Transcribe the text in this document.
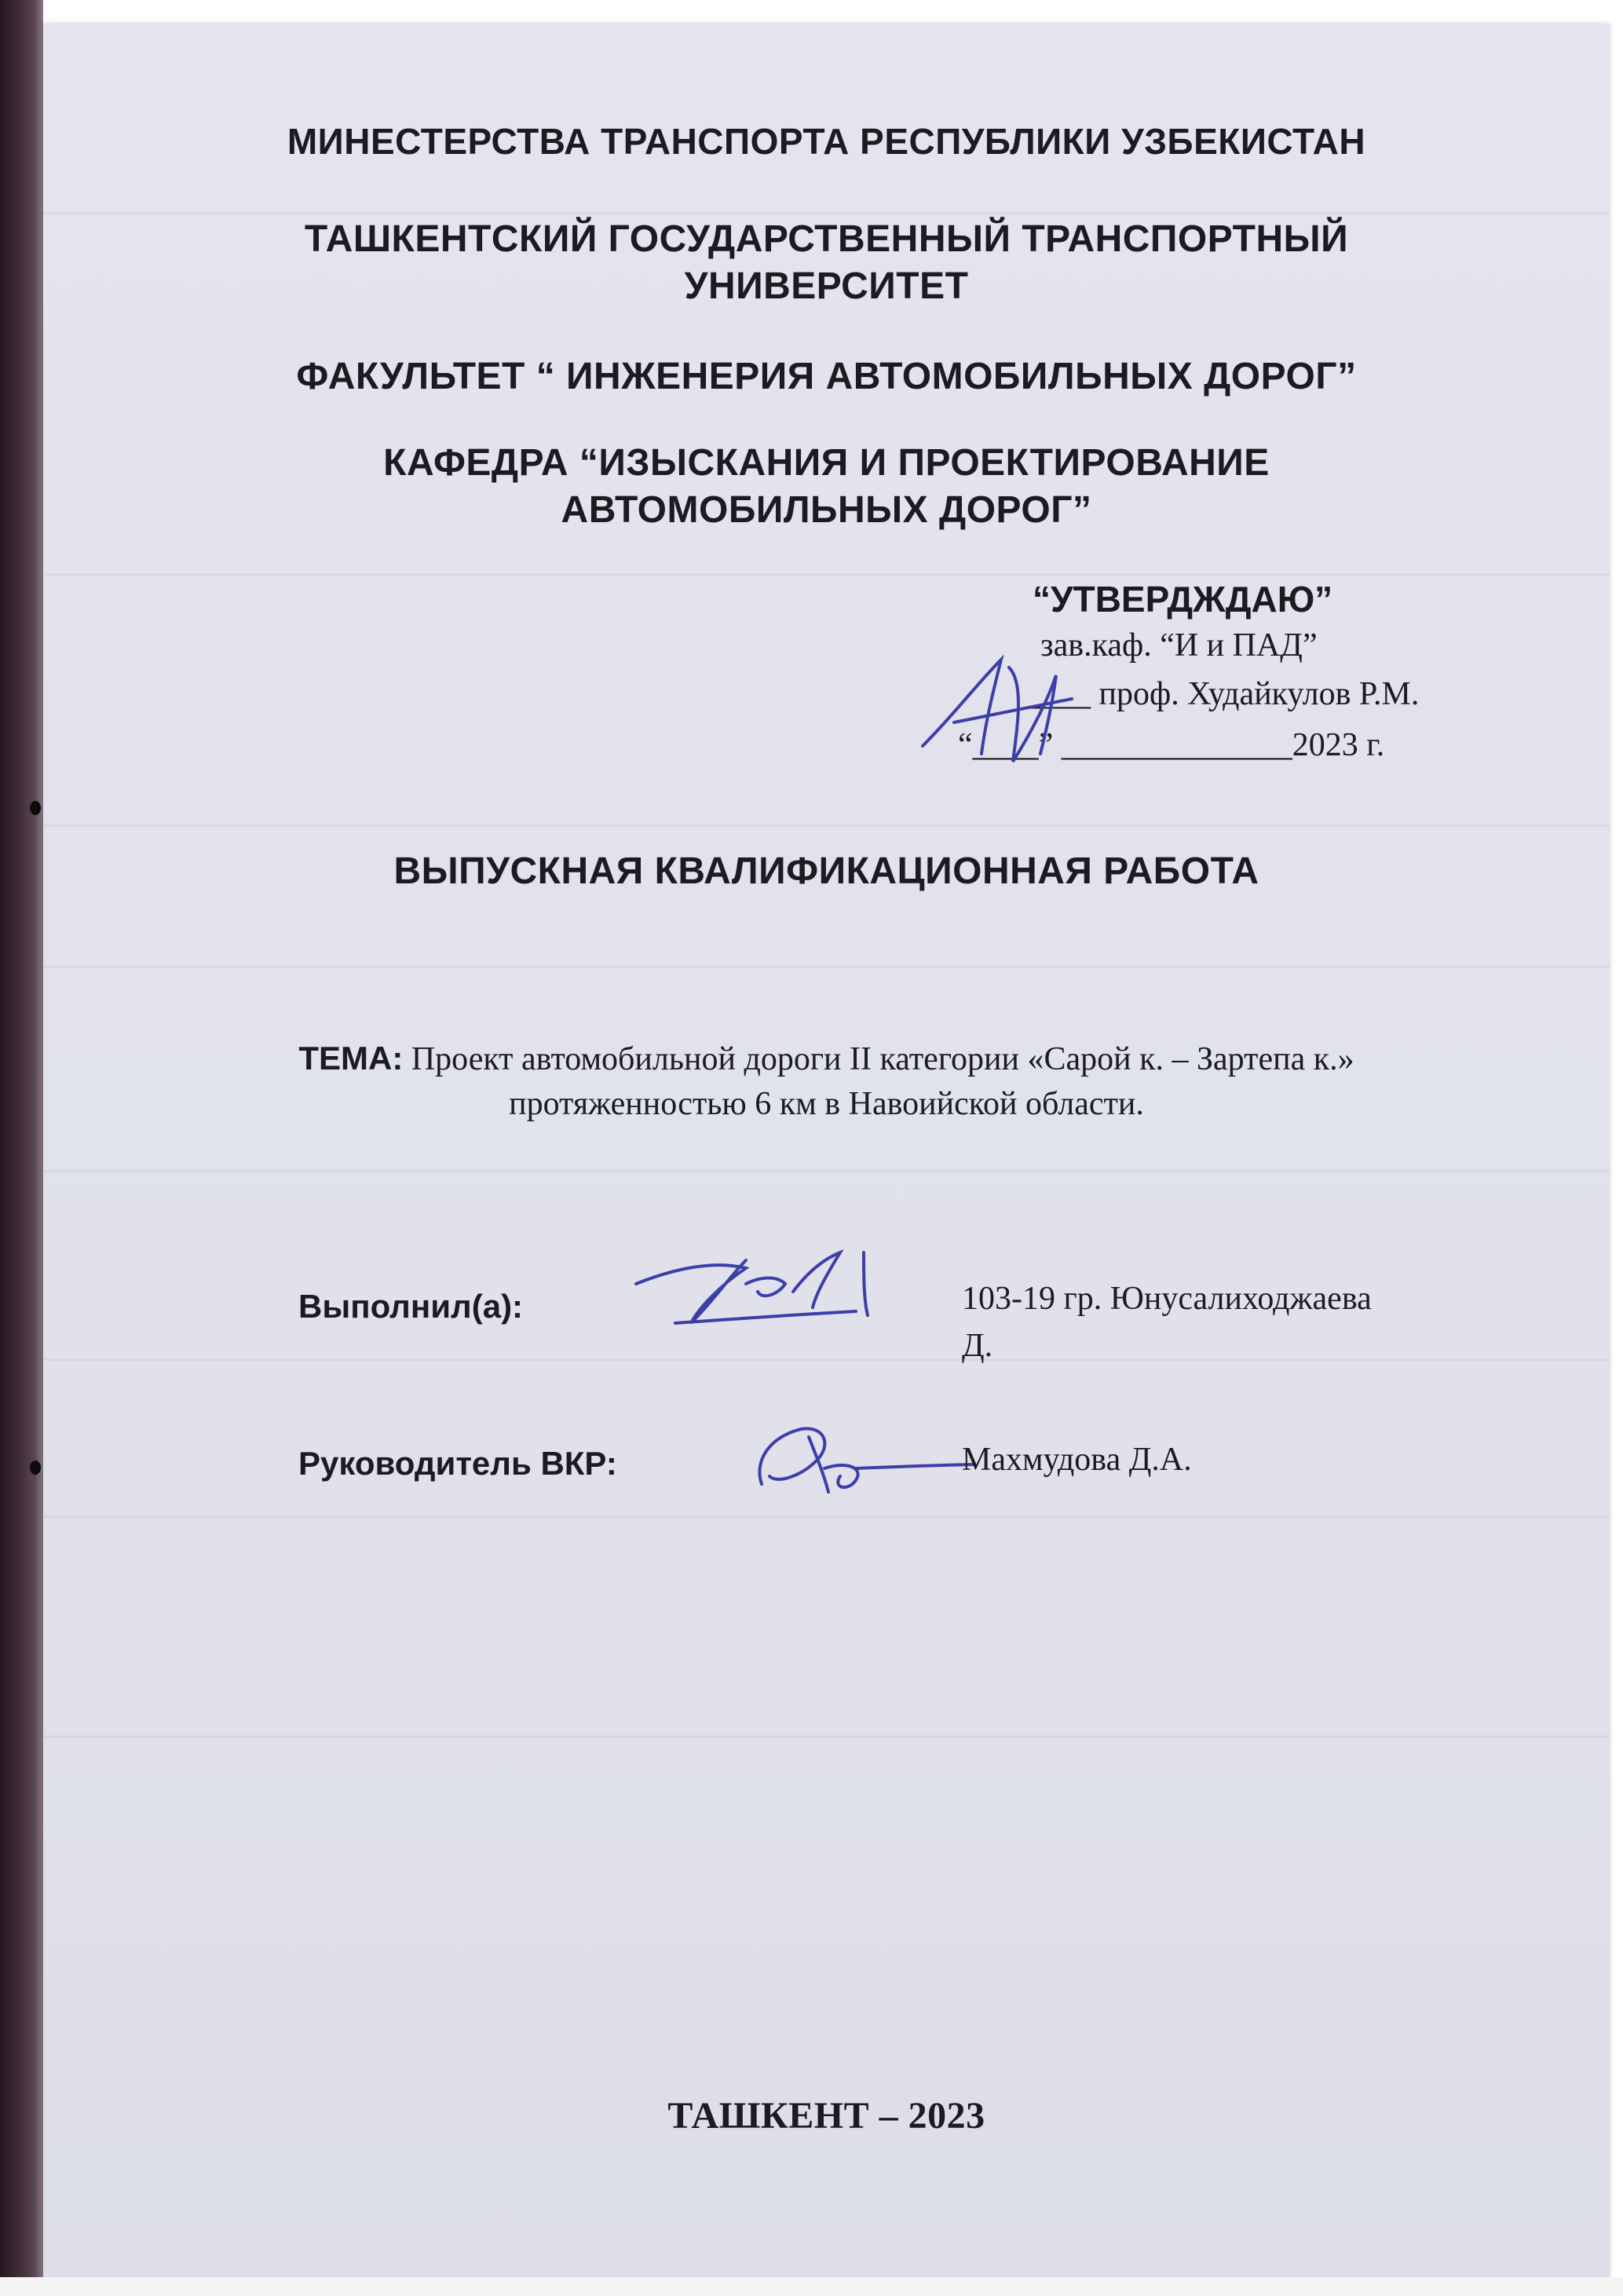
МИНЕСТЕРСТВА ТРАНСПОРТА РЕСПУБЛИКИ УЗБЕКИСТАН
ТАШКЕНТСКИЙ ГОСУДАРСТВЕННЫЙ ТРАНСПОРТНЫЙ
УНИВЕРСИТЕТ
ФАКУЛЬТЕТ “ ИНЖЕНЕРИЯ АВТОМОБИЛЬНЫХ ДОРОГ”
КАФЕДРА “ИЗЫСКАНИЯ И ПРОЕКТИРОВАНИЕ
АВТОМОБИЛЬНЫХ ДОРОГ”
“УТВЕРДЖДАЮ”
зав.каф. “И и ПАД”
____ проф. Худайкулов Р.М.
“____” ______________2023 г.
ВЫПУСКНАЯ КВАЛИФИКАЦИОННАЯ РАБОТА
ТЕМА: Проект автомобильной дороги II категории «Сарой к. – Зартепа к.»
протяженностью 6 км в Навоийской области.
Выполнил(а):	103-19 гр. Юнусалиходжаева
Д.
Руководитель ВКР:	Махмудова Д.А.
ТАШКЕНТ – 2023
